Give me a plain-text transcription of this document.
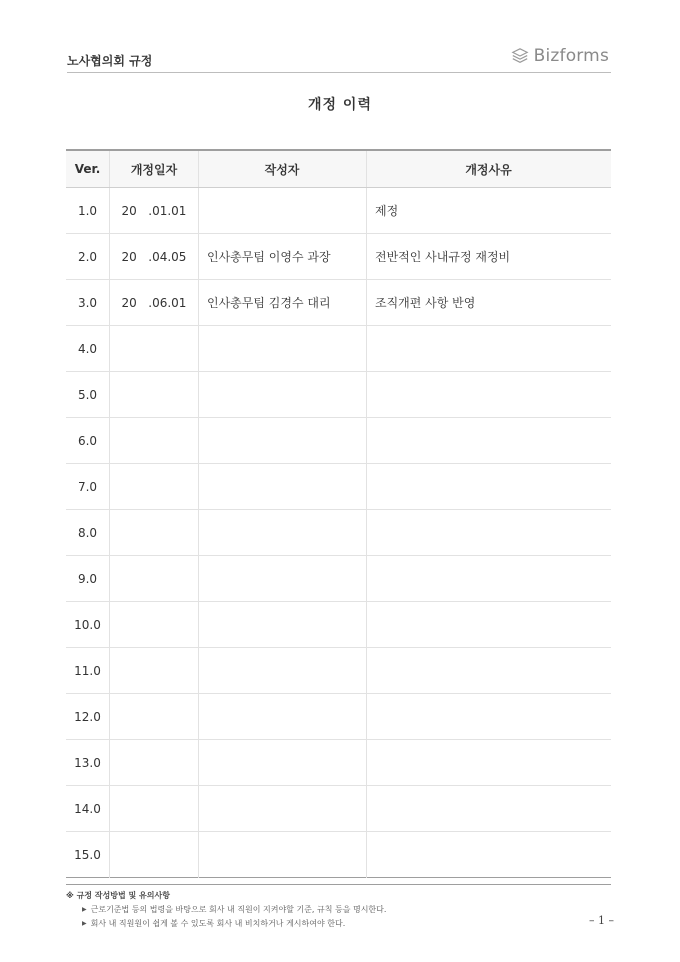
노사협의회 규정	Bizforms
개정 이력
Ver.	개정일자	작성자	개정사유
1.0	20   .01.01		제정
2.0	20   .04.05	인사총무팀 이영수 과장	전반적인 사내규정 재정비
3.0	20   .06.01	인사총무팀 김경수 대리	조직개편 사항 반영
4.0			
5.0			
6.0			
7.0			
8.0			
9.0			
10.0			
11.0			
12.0			
13.0			
14.0			
15.0			
※ 규정 작성방법 및 유의사항
▶ 근로기준법 등의 법령을 바탕으로 회사 내 직원이 지켜야할 기준, 규칙 등을 명시한다.
▶ 회사 내 직원원이 쉽게 볼 수 있도록 회사 내 비치하거나 게시하여야 한다.	– 1 –
